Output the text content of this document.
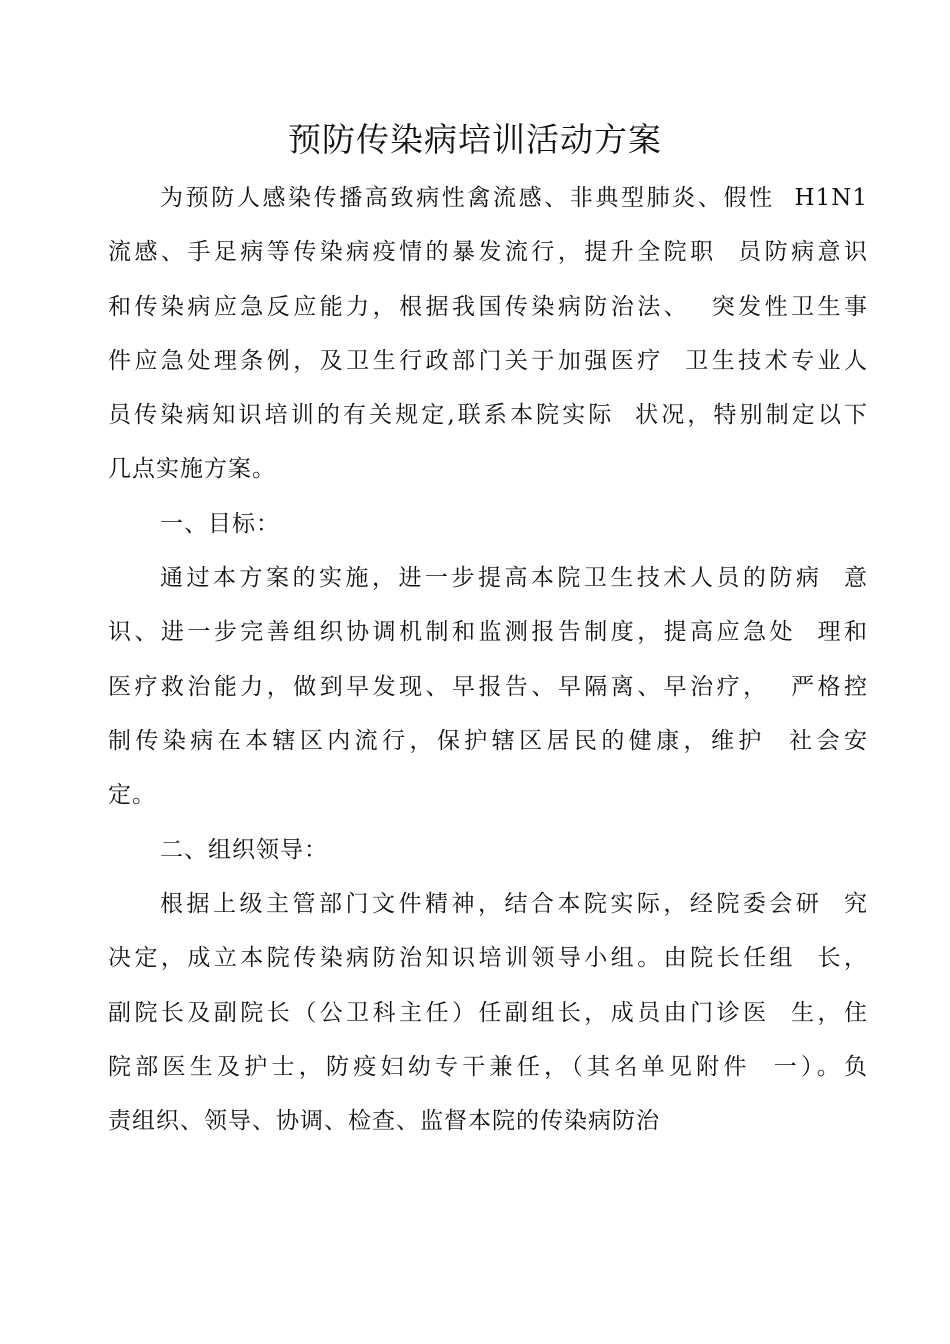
预防传染病培训活动方案
为预防人感染传播高致病性禽流感、非典型肺炎、假性  H1N1
流感、手足病等传染病疫情的暴发流行，提升全院职  员防病意识
和传染病应急反应能力，根据我国传染病防治法、  突发性卫生事
件应急处理条例，及卫生行政部门关于加强医疗  卫生技术专业人
员传染病知识培训的有关规定,联系本院实际  状况，特别制定以下
几点实施方案。
一、目标：
通过本方案的实施，进一步提高本院卫生技术人员的防病  意
识、进一步完善组织协调机制和监测报告制度，提高应急处  理和
医疗救治能力，做到早发现、早报告、早隔离、早治疗，  严格控
制传染病在本辖区内流行，保护辖区居民的健康，维护  社会安
定。
二、组织领导：
根据上级主管部门文件精神，结合本院实际，经院委会研  究
决定，成立本院传染病防治知识培训领导小组。由院长任组  长，
副院长及副院长（公卫科主任）任副组长，成员由门诊医  生，住
院部医生及护士，防疫妇幼专干兼任，（其名单见附件  一）。负
责组织、领导、协调、检查、监督本院的传染病防治
